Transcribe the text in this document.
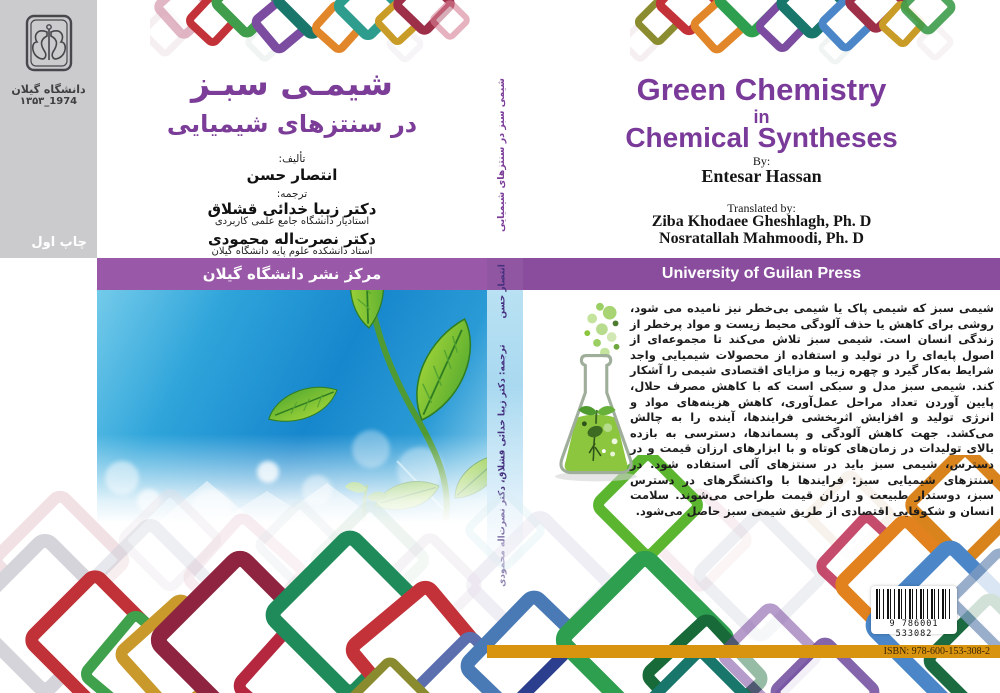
دانشگاه گیلان
۱۳۵۳_1974
چاپ اول
شیمـی سبـز
در سنتزهای شیمیایی
تألیف:
انتصار حسن
ترجمه:
دکتر زیبا خدائی قشلاق
استادیار دانشگاه جامع علمی کاربردی
دکتر نصرت‌اله محمودی
استاد دانشکده علوم پایه دانشگاه گیلان
مرکز نشر دانشگاه گیلان	University of Guilan Press
شیمی سبز در سنتزهای شیمیایی
انتصار حسن
ترجمه: دکتر زیبا خدائی قشلاق، دکتر نصرت‌اله محمودی
Green Chemistry
in
Chemical Syntheses
By:
Entesar Hassan
Translated by:
Ziba Khodaee Gheshlagh, Ph. D
Nosratallah Mahmoodi, Ph. D
شیمی سبز که شیمی پاک یا شیمی بی‌خطر نیز نامیده می شود، روشی برای کاهش یا حذف آلودگی محیط زیست و مواد پرخطر از زندگی انسان است. شیمی سبز تلاش می‌کند تا مجموعه‌ای از اصول پایه‌ای را در تولید و استفاده از محصولات شیمیایی واجد شرایط به‌کار گیرد و چهره زیبا و مزایای اقتصادی شیمی را آشکار کند. شیمی سبز مدل و سبکی است که با کاهش مصرف حلال، پایین آوردن تعداد مراحل عمل‌آوری، کاهش هزینه‌های مواد و انرژی تولید و افزایش اثربخشی فرایندها، آینده را به چالش می‌کشد. جهت کاهش آلودگی و پسماندها، دسترسی به بازده بالای تولیدات در زمان‌های کوتاه و با ابزارهای ارزان قیمت و در دسترس، شیمی سبز باید در سنتزهای آلی استفاده شود. در سنتزهای شیمیایی سبز: فرایندها با واکنشگرهای در دسترس سبز، دوستدار طبیعت و ارزان قیمت طراحی می‌شوند. سلامت انسان و شکوفایی اقتصادی از طریق شیمی سبز حاصل می‌شود.
ISBN: 978-600-153-308-2
9 786001 533082
